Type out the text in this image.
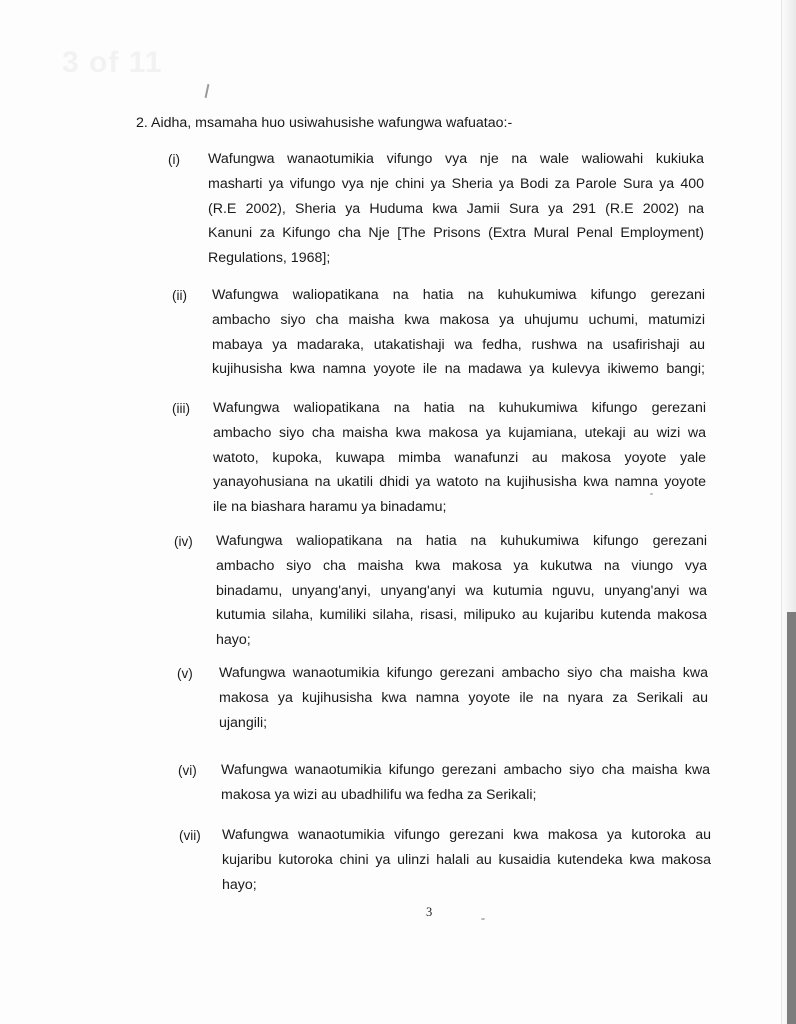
3 of 11

2. Aidha, msamaha huo usiwahusishe wafungwa wafuatao:-

(i) Wafungwa wanaotumikia vifungo vya nje na wale waliowahi kukiuka
masharti ya vifungo vya nje chini ya Sheria ya Bodi za Parole Sura ya 400
(R.E 2002), Sheria ya Huduma kwa Jamii Sura ya 291 (R.E 2002) na
Kanuni za Kifungo cha Nje [The Prisons (Extra Mural Penal Employment)
Regulations, 1968];
(ii) Wafungwa waliopatikana na hatia na kuhukumiwa kifungo gerezani
ambacho siyo cha maisha kwa makosa ya uhujumu uchumi, matumizi
mabaya ya madaraka, utakatishaji wa fedha, rushwa na usafirishaji au
kujihusisha kwa namna yoyote ile na madawa ya kulevya ikiwemo bangi;
(iii) Wafungwa waliopatikana na hatia na kuhukumiwa kifungo gerezani
ambacho siyo cha maisha kwa makosa ya kujamiana, utekaji au wizi wa
watoto, kupoka, kuwapa mimba wanafunzi au makosa yoyote yale
yanayohusiana na ukatili dhidi ya watoto na kujihusisha kwa namna yoyote
ile na biashara haramu ya binadamu;
(iv) Wafungwa waliopatikana na hatia na kuhukumiwa kifungo gerezani
ambacho siyo cha maisha kwa makosa ya kukutwa na viungo vya
binadamu, unyang'anyi, unyang'anyi wa kutumia nguvu, unyang'anyi wa
kutumia silaha, kumiliki silaha, risasi, milipuko au kujaribu kutenda makosa
hayo;
(v) Wafungwa wanaotumikia kifungo gerezani ambacho siyo cha maisha kwa
makosa ya kujihusisha kwa namna yoyote ile na nyara za Serikali au
ujangili;
(vi) Wafungwa wanaotumikia kifungo gerezani ambacho siyo cha maisha kwa
makosa ya wizi au ubadhilifu wa fedha za Serikali;
(vii) Wafungwa wanaotumikia vifungo gerezani kwa makosa ya kutoroka au
kujaribu kutoroka chini ya ulinzi halali au kusaidia kutendeka kwa makosa
hayo;
3
